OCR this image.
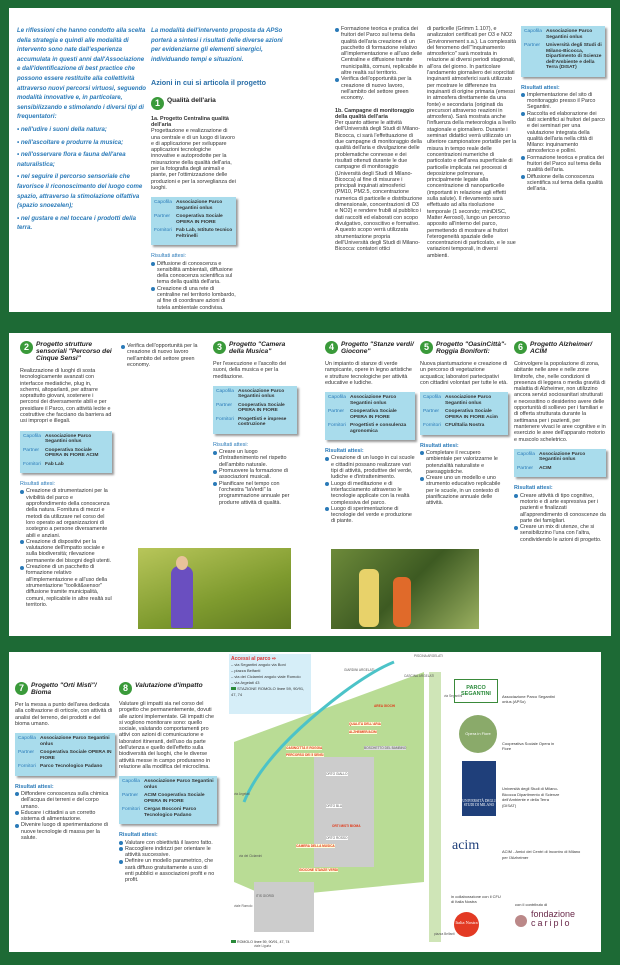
Le riflessioni che hanno condotto alla scelta della strategia e quindi alle modalità di intervento sono nate dall'esperienza accumulata in questi anni dall'Associazione e dall'identificazione di best practice che possono essere restituite alla collettività attraverso nuovi percorsi virtuosi, seguendo modalità innovative e, in particolare, sensibilizzando e stimolando i diversi tipi di frequentatori:
• nell'udire i suoni della natura;
• nell'ascoltare e produrre la musica;
• nell'osservare flora e fauna dell'area naturalistica;
• nel seguire il percorso sensoriale che favorisce il riconoscimento del luogo come spazio, attraverso la stimolazione olfattiva (spazio snoezelen);
• nel gustare e nel toccare i prodotti della terra.
La modalità dell'intervento proposta da APSo porterà a sintesi i risultati delle diverse azioni per evidenziarne gli elementi sinergici, individuando tempi e situazioni.
Azioni in cui si articola il progetto
1	Qualità dell'aria
1a. Progetto Centralina qualità dell'aria

Progettazione e realizzazione di una centrale e di un luogo di lavoro e di applicazione per sviluppare applicazioni tecnologiche innovative e autoprodotte per la misurazione della qualità dell'aria, per la fotografia degli animali e piante, per l'ottimizzazione delle produzioni e per la sorveglianza dei luoghi.

Capofila Associazione Parco Segantini onlus
Partner	Cooperativa Sociale OPERA IN FIORE
Fornitori Fab Lab, Istituto tecnico Feltrinelli
Risultati attesi:
Diffusione di conoscenza e sensibilità ambientali, diffusione della conoscenza scientifica sul tema della qualità dell'aria.
Creazione di una rete di centraline nel territorio lombardo, al fine di coordinare azioni di tutela ambientale condivisa.
Formazione teorica e pratica dei fruitori del Parco sul tema della qualità dell'aria creazione di un pacchetto di formazione relativo all'implementazione e all'uso delle Centraline e diffusione tramite municipalità, comuni, replicabile in altre realtà sul territorio.
Verifica dell'opportunità per la creazione di nuovo lavoro, nell'ambito del settore green economy.
1b. Campagne di monitoraggio della qualità dell'aria

Per quanto attiene le attività dell'Università degli Studi di Milano-Bicocca, ci sarà l'effettuazione di due campagne di monitoraggio della qualità dell'aria e divulgazione delle problematiche connesse e dei risultati ottenuti durante le due campagne di monitoraggio (Università degli Studi di Milano-Bicocca) al fine di misurare i principali inquinati atmosferici (PM10, PM2.5, concentrazione numerica di particelle e distribuzione dimensionale, concentrazioni di O3 e NO2) e rendere frubili al pubblico i dati raccolti ed elaborati con scopo divulgativo, conoscitivo e formativo. A questo scopo verrà utilizzata strumentazione propria dell'Università degli Studi di Milano-Bicocca: contatori ottici

di particelle (Grimm 1.107), e analizzatori certificati per O3 e NO2 (Environnement s.a.). La complessità del fenomeno dell'"inquinamento atmosferico" sarà mostrata in relazione ai diversi periodi stagionali, all'ora del giorno. In particolare l'andamento giornaliero dei soprcitati inquinanti atmosferici sarà utilizzato per mostrare le differenze tra inquinanti di origine primaria (emessi in atmosfera direttamente da una fonte) e secondaria (originati da precursori attraverso reazioni in atmosfera). Sarà mostrata anche l'influenza della meteorologia a livello stagionale e giornaliero. Durante i seminari didattici verrà utilizzato un ulteriore campionatore portatile per la misura in tempo reale delle concentrazioni numeriche di particolato e dell'area superficiale di particelle implicata nei processi di deposizione polmonare, principalmente legate alla concentrazione di nanoparticelle (importanti in relazione agli effetti sulla salute). Il rilevamento sarà effettuato ad alta risoluzione temporale (1 secondo; miniDISC, Matter Aerosol), lungo un percorso apposito all'interno del parco, permettendo di mostrare ai fruitori l'eterogeneità spaziale delle concentrazioni di particolato, e le sue variazioni temporali, in diversi ambienti.

Capofila Associazione Parco Segantini onlus
Partner	Università degli Studi di Milano-Bicocca, Dipartimento di Scienze dell'Ambiente e della Terra (DISAT)
Risultati attesi:
Implementazione del sito di monitoraggio presso il Parco Segantini.
Raccolta ed elaborazione dei dati scientifici ai fruitori del parco e dei seminari per una valutazione integrata della qualità dell'aria nella città di Milano: inquinamento atmosferico e pollini.
Formazione teorica e pratica dei fruitori del Parco sul tema della qualità dell'aria.
Diffusione della conoscenza scientifica sul tema della qualità dell'aria.
2	Progetto strutture sensoriali "Percorso dei Cinque Sensi"

Realizzazione di luoghi di sosta tecnologicamente avanzati con interfacce mediatiche, plug in, schermi, altoparlanti, per attrarre soprattutto giovani, sostenere i percorsi dei diversamente abili e per presidiare il Parco, con attività lecite e costruttive che facciano da barriera ad usi impropri e illegali.

Capofila Associazione Parco Segantini onlus
Partner	Cooperativa Sociale OPERA IN FIORE ACIM
Fornitori Fab Lab
Risultati attesi:
Creazione di strumentazioni per la vivibilità del parco e approfondimento della conoscenza della natura. Fornitura di mezzi e metodi da utilizzare nel corso del loro operato ad organizzazioni di sostegno a persone diversamente abili e anziani.
Creazione di dispositivi per la valutazione dell'impatto sociale e sulla biodiversità; rilevazione permanente dei bisogni degli utenti.
Creazione di un pacchetto di formazione relativo all'implementazione e all'uso della strumentazione "toolkit&sensor" diffusione tramite municipalità, comuni, replicabile in altre realtà sul territorio.
Verifica dell'opportunità per la creazione di nuovo lavoro nell'ambito del settore green economy.
3	Progetto "Camera della Musica"

Per l'esecuzione e l'ascolto dei suoni, della musica e per la meditazione.

Capofila Associazione Parco Segantini onlus
Partner	Cooperativa Sociale OPERA IN FIORE
Fornitori Progettisti e imprese costruzione
Risultati attesi:
Creare un luogo d'intrattenimento nel rispetto dell'ambito naturale.
Promuovere la formazione di associazioni musicali.
Pianificare nel tempo con l'orchestra "laVerdi" la programmazione annuale per produrre attività di qualità.
4	Progetto "Stanze verdi/ Giocone"

Un impianto di stanze di verde rampicante, opere in legno artistiche e strutture tecnologiche per attività educative e ludiche.

Capofila Associazione Parco Segantini onlus
Partner	Cooperativa Sociale OPERA IN FIORE
Fornitori Progettisti e consulenza agronomica
Risultati attesi:
Creazione di un luogo in cui scuole e cittadini possano realizzare vari tipi di attività, produttive del verde, ludiche e d'intrattenimento.
Luogo di meditazione e di interfacciamento attraverso le tecnologie applicate con la realtà complessiva del parco.
Luogo di sperimentazione di tecnologie del verde e produzione di piante.
5	Progetto "OasinCittà"- Roggia Boniforti:

Nuova piantumazione e creazione di un percorso di vegetazione acquatica; laboratori partecipativi con cittadini volontari per tutte le età.

Capofila Associazione Parco Segantini onlus
Partner	Cooperativa Sociale OPERA IN FIORE Acim
Fornitori CFU/Italia Nostra
Risultati attesi:
Completare il recupero ambientale per valorizzarne le potenzialità naturaliste e paesaggistiche.
Creare uno un modello e uno strumento educativo replicabile per le scuole, in un contesto di pianificazione annuale delle attività.
6	Progetto Alzheimer/ ACIM

Coinvolgere la popolazione di zona, abitante nelle aree e nelle zone limitrofe, che, nelle condizioni di presenza di leggera o media gravità di malattia di Alzheimer, non utilizzino ancora servizi sociosanitari strutturati e necessitino o desiderino avere delle opportunità di sollievo per i familiari e di offerta strutturata durante la settimana per i pazienti, per mantenere vivaci le aree cognitive e in esercizio le aree dell'apparato motorio e muscolo scheletrico.

Capofila Associazione Parco Segantini onlus
Partner	ACIM
Risultati attesi:
Creare attività di tipo cognitivo, motorio e di arte espressiva per i pazienti e finalizzati all'apprendimento di conoscenze da parte dei famigliari.
Creare un mix di utenze, che si sensibilizzino l'una con l'altra, condividendo le azioni di progetto.
7	Progetto "Orti Misti"/ Bioma

Per la messa a punto dell'area dedicata alla coltivazione di orticole, con attività di analisi del terreno, dei prodotti e del bioma umano.

Capofila Associazione Parco Segantini onlus
Partner	Cooperativa Sociale OPERA IN FIORE
Fornitori Parco Tecnologico Padano
Risultati attesi:
Diffondere conoscenza sulla chimica dell'acqua dei terreni e del corpo umano.
Educare i cittadini a un corretto sistema di alimentazione.
Divenire luogo di sperimentazione di nuove tecnologie di massa per la salute.
8	Valutazione d'impatto

Valutare gli impatti sia nel corso del progetto che permanentemente, dovuti alle azioni implementate. Gli impatti che si vogliono monitorare sono: quello sociale, valutando comportamenti pro attivi con azioni di comunicazione e laboratori itineranti, dell'uso da parte dell'utenza e quello dell'effetto sulla biodiversità dei luoghi, che le diverse attività messe in campo produranno in relazione alla modifica del microclima.

Capofila Associazione Parco Segantini onlus
Partner	ACIM Cooperativa Sociale OPERA IN FIORE
Fornitori Cergas Bocconi Parco Tecnologico Padano
Risultati attesi:
Valutare con obiettività il lavoro fatto.
Raccogliere indirizzi per orientare le attività successive.
Definire un modello parametrico, che sarà diffuso gratuitamente a uso di enti pubblici e associazioni profit e no profit.
PISCINA ARGELATI
GIARDINI ARGELATI
CASCINA ARGELATI
AREA GIOCHI
QUALITÀ DELL'ARIA
ALZHEIMER/ACIM
OASINCITTÀ E ROGGIA
PERCORSO DEI 5 SENSI
CAMERA DELLA MUSICA
GIOCONE STANZE VERDI
ORTI MISTI BIOMA
ORTO GIALLO
ORTO BLU
ORTO ROSSO
BOSCHETTO DEL BAMBINO
ITIS GIORGI
via Segantini
via Argelati
via dei Ciclamini
viale Romolo
viale Liguria
piazza Belfanti
Accessi al parco ⇨
– via Segantini angolo via Boni
– piazza Belfanti
– via dei Ciclamini angolo viale Romolo
– via Argelati 43
STAZIONE ROMOLO linee 59, 90/91, 47, 74
ROMOLO linee 59, 90/91, 47, 74
PARCO SEGANTINI	Associazione Parco Segantini onlus (APSo)
Opera in Fiore
Cooperativa Sociale Opera in Fiore
UNIVERSITÀ DEGLI STUDI DI MILANO
Università degli Studi di Milano-Bicocca Dipartimento di Scienze dell'Ambiente e della Terra (DISAT)
acim	ACIM - Amici dei Centri di Incontro di Milano per l'Alzheimer
in collaborazione con il CFU di Italia Nostra
Italia Nostra
con il contributo di
fondazione
cariplo
